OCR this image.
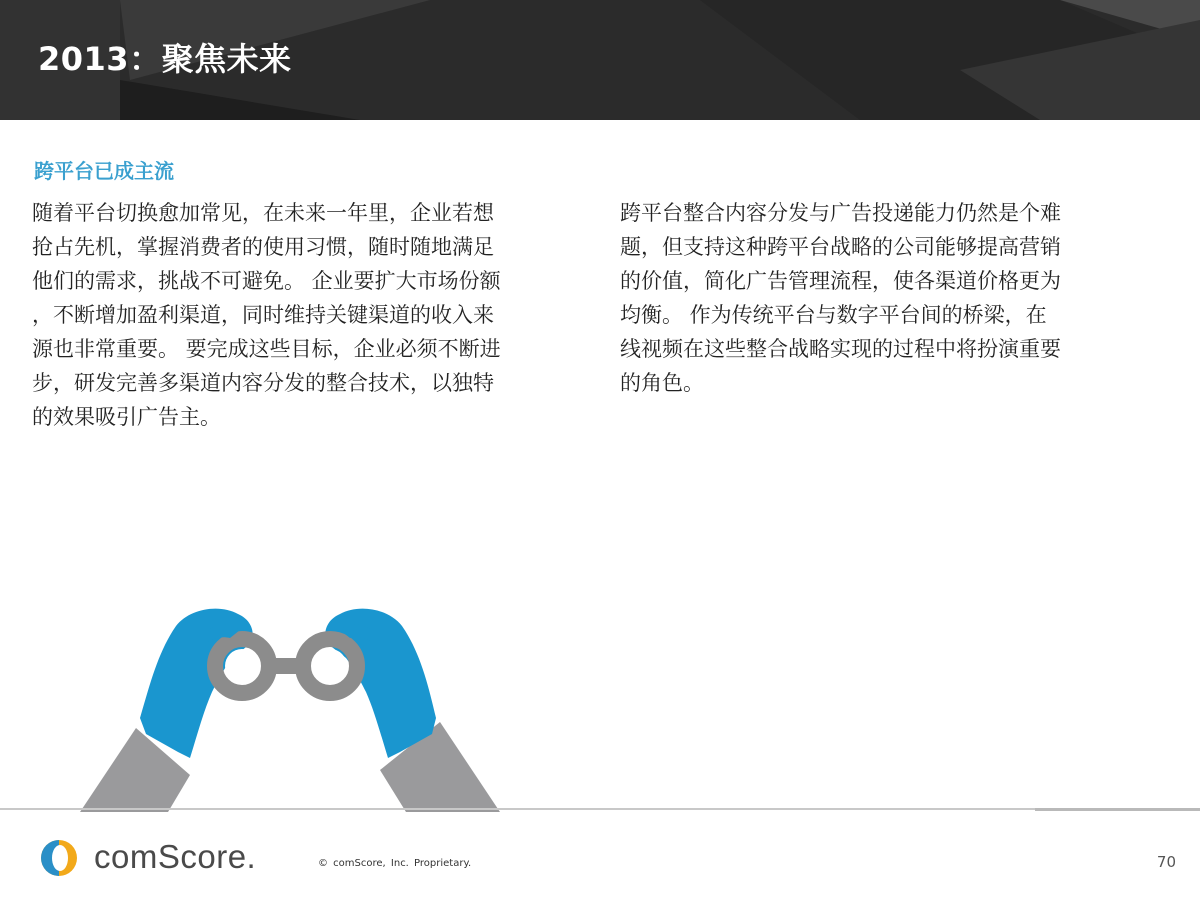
2013：聚焦未来
跨平台已成主流
随着平台切换愈加常见，在未来一年里，企业若想
抢占先机，掌握消费者的使用习惯，随时随地满足
他们的需求，挑战不可避免。 企业要扩大市场份额
，不断增加盈利渠道，同时维持关键渠道的收入来
源也非常重要。 要完成这些目标，企业必须不断进
步，研发完善多渠道内容分发的整合技术，以独特
的效果吸引广告主。
跨平台整合内容分发与广告投递能力仍然是个难
题，但支持这种跨平台战略的公司能够提高营销
的价值，简化广告管理流程，使各渠道价格更为
均衡。 作为传统平台与数字平台间的桥梁，在
线视频在这些整合战略实现的过程中将扮演重要
的角色。
comScore.	© comScore, Inc. Proprietary.	70
